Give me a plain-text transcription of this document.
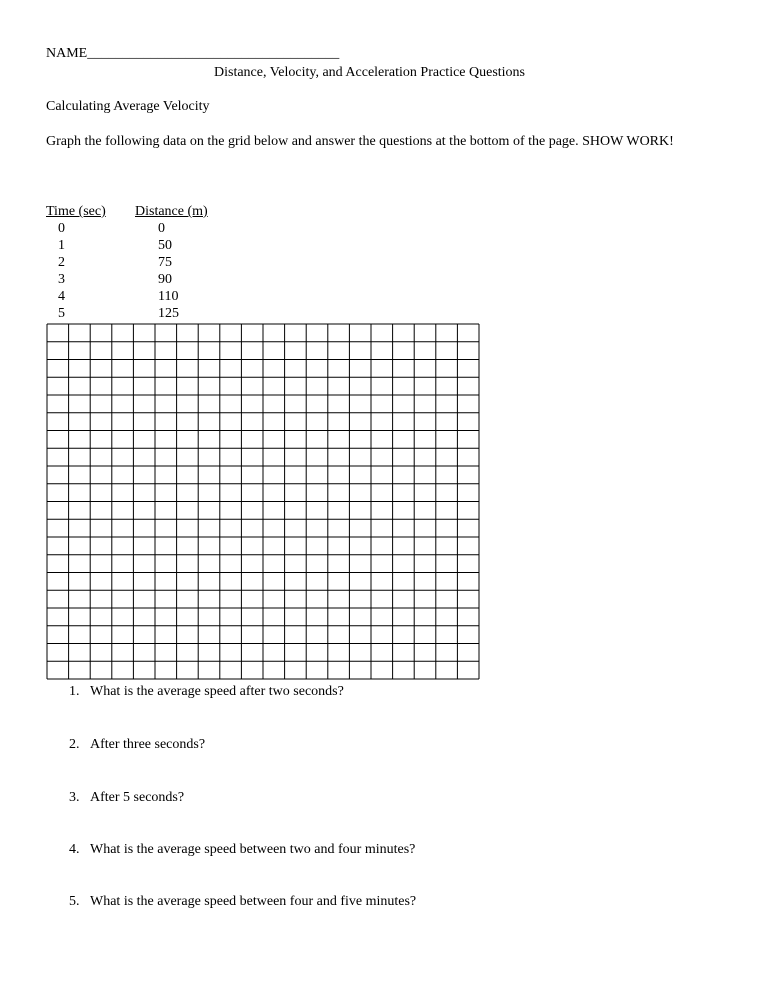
NAME____________________________________
Distance, Velocity, and Acceleration Practice Questions
Calculating Average Velocity
Graph the following data on the grid below and answer the questions at the bottom of the page. SHOW WORK!
Time (sec)
0
1
2
3
4
5
Distance (m)
0
50
75
90
110
125
1. What is the average speed after two seconds?
2. After three seconds?
3. After 5 seconds?
4. What is the average speed between two and four minutes?
5. What is the average speed between four and five minutes?
